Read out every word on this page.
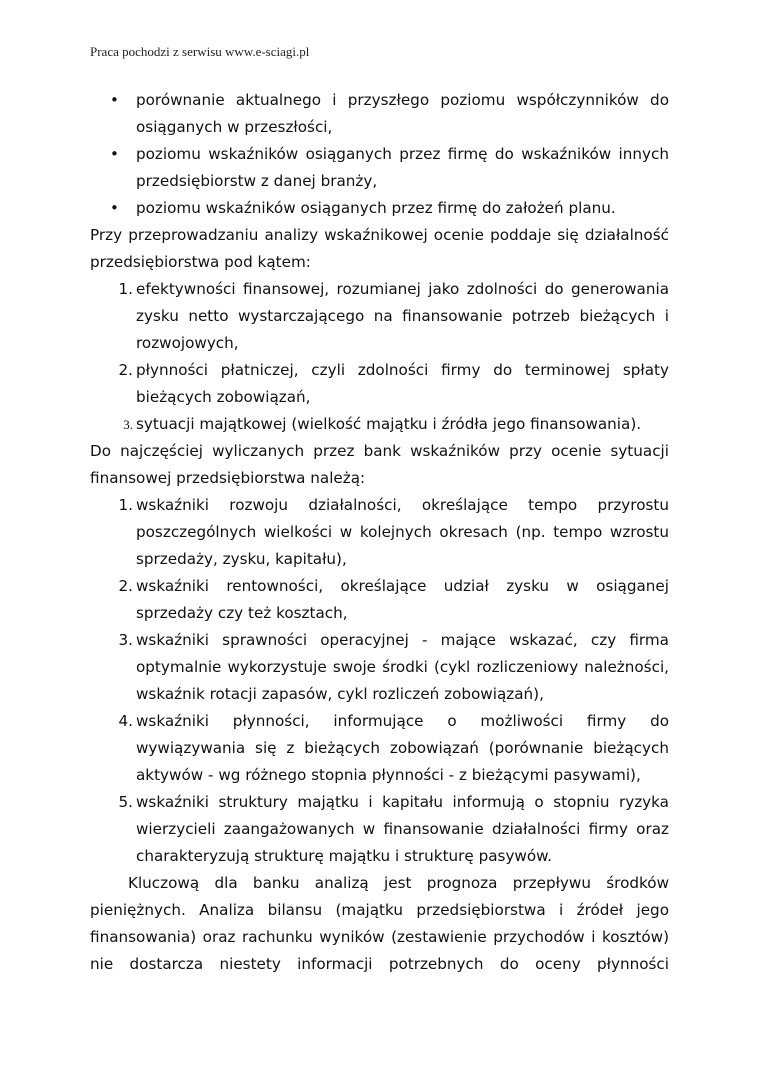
Praca pochodzi z serwisu www.e-sciagi.pl
• porównanie aktualnego i przyszłego poziomu współczynników do

osiąganych w przeszłości,

• poziomu wskaźników osiąganych przez firmę do wskaźników innych

przedsiębiorstw z danej branży,

• poziomu wskaźników osiąganych przez firmę do założeń planu.

Przy przeprowadzaniu analizy wskaźnikowej ocenie poddaje się działalność

przedsiębiorstwa pod kątem:

1. efektywności finansowej, rozumianej jako zdolności do generowania

zysku netto wystarczającego na finansowanie potrzeb bieżących i

rozwojowych,

2. płynności płatniczej, czyli zdolności firmy do terminowej spłaty

bieżących zobowiązań,

3. sytuacji majątkowej (wielkość majątku i źródła jego finansowania).

Do najczęściej wyliczanych przez bank wskaźników przy ocenie sytuacji

finansowej przedsiębiorstwa należą:

1. wskaźniki rozwoju działalności, określające tempo przyrostu

poszczególnych wielkości w kolejnych okresach (np. tempo wzrostu

sprzedaży, zysku, kapitału),

2. wskaźniki rentowności, określające udział zysku w osiąganej

sprzedaży czy też kosztach,

3. wskaźniki sprawności operacyjnej - mające wskazać, czy firma

optymalnie wykorzystuje swoje środki (cykl rozliczeniowy należności,

wskaźnik rotacji zapasów, cykl rozliczeń zobowiązań),

4. wskaźniki płynności, informujące o możliwości firmy do

wywiązywania się z bieżących zobowiązań (porównanie bieżących

aktywów - wg różnego stopnia płynności - z bieżącymi pasywami),

5. wskaźniki struktury majątku i kapitału informują o stopniu ryzyka

wierzycieli zaangażowanych w finansowanie działalności firmy oraz

charakteryzują strukturę majątku i strukturę pasywów.

Kluczową dla banku analizą jest prognoza przepływu środków

pieniężnych. Analiza bilansu (majątku przedsiębiorstwa i źródeł jego

finansowania) oraz rachunku wyników (zestawienie przychodów i kosztów)

nie dostarcza niestety informacji potrzebnych do oceny płynności
